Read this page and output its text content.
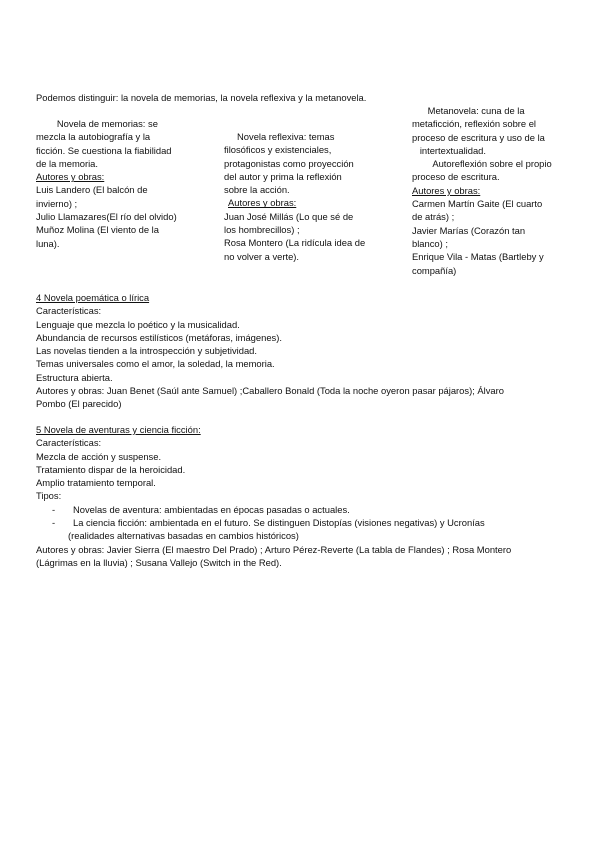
Podemos distinguir: la novela de memorias, la novela reflexiva y la metanovela.
Novela de memorias: se
mezcla la autobiografía y la
ficción. Se cuestiona la fiabilidad
de la memoria.
Autores y obras:
Luis Landero (El balcón de
invierno) ;
Julio Llamazares(El río del olvido)
Muñoz Molina (El viento de la
luna).
Novela reflexiva: temas
filosóficos y existenciales,
protagonistas como proyección
del autor y prima la reflexión
sobre la acción.
Autores y obras:
Juan José Millás (Lo que sé de
los hombrecillos) ;
Rosa Montero (La ridícula idea de
no volver a verte).
Metanovela: cuna de la
metaficción, reflexión sobre el
proceso de escritura y uso de la
intertextualidad.
Autoreflexión sobre el propio
proceso de escritura.
Autores y obras:
Carmen Martín Gaite (El cuarto
de atrás) ;
Javier Marías (Corazón tan
blanco) ;
Enrique Vila - Matas (Bartleby y
compañía)
4 Novela poemática o lírica
Características:
Lenguaje que mezcla lo poético y la musicalidad.
Abundancia de recursos estilísticos (metáforas, imágenes).
Las novelas tienden a la introspección y subjetividad.
Temas universales como el amor, la soledad, la memoria.
Estructura abierta.
Autores y obras: Juan Benet (Saúl ante Samuel) ;Caballero Bonald (Toda la noche oyeron pasar pájaros); Álvaro
Pombo (El parecido)
5 Novela de aventuras y ciencia ficción:
Características:
Mezcla de acción y suspense.
Tratamiento dispar de la heroicidad.
Amplio tratamiento temporal.
Tipos:
- Novelas de aventura: ambientadas en épocas pasadas o actuales.
- La ciencia ficción: ambientada en el futuro. Se distinguen Distopías (visiones negativas) y Ucronías
(realidades alternativas basadas en cambios históricos)
Autores y obras: Javier Sierra (El maestro Del Prado) ; Arturo Pérez-Reverte (La tabla de Flandes) ; Rosa Montero
(Lágrimas en la lluvia) ; Susana Vallejo (Switch in the Red).
